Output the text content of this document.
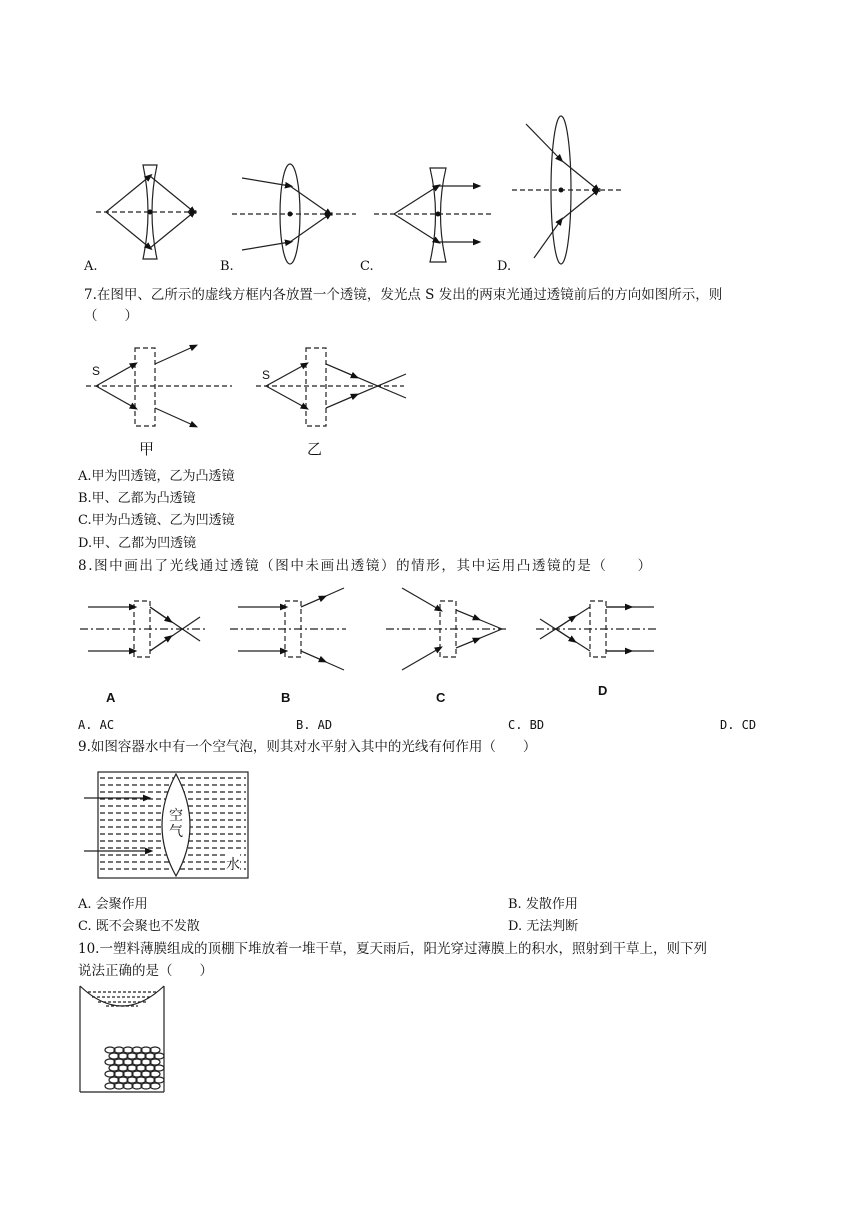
A.	B.	C.	D.
7.在图甲、乙所示的虚线方框内各放置一个透镜，发光点 S 发出的两束光通过透镜前后的方向如图所示，则
（　　）
S	S
甲	乙
A.甲为凹透镜，乙为凸透镜
B.甲、乙都为凸透镜
C.甲为凸透镜、乙为凹透镜
D.甲、乙都为凹透镜
8.图中画出了光线通过透镜（图中未画出透镜）的情形，其中运用凸透镜的是（　　）
A	B	C	D
A. AC	B. AD	C. BD	D. CD
9.如图容器水中有一个空气泡，则其对水平射入其中的光线有何作用（　　）
空气
水
A. 会聚作用	B. 发散作用
C. 既不会聚也不发散	D. 无法判断
10.一塑料薄膜组成的顶棚下堆放着一堆干草，夏天雨后，阳光穿过薄膜上的积水，照射到干草上，则下列
说法正确的是（　　）
